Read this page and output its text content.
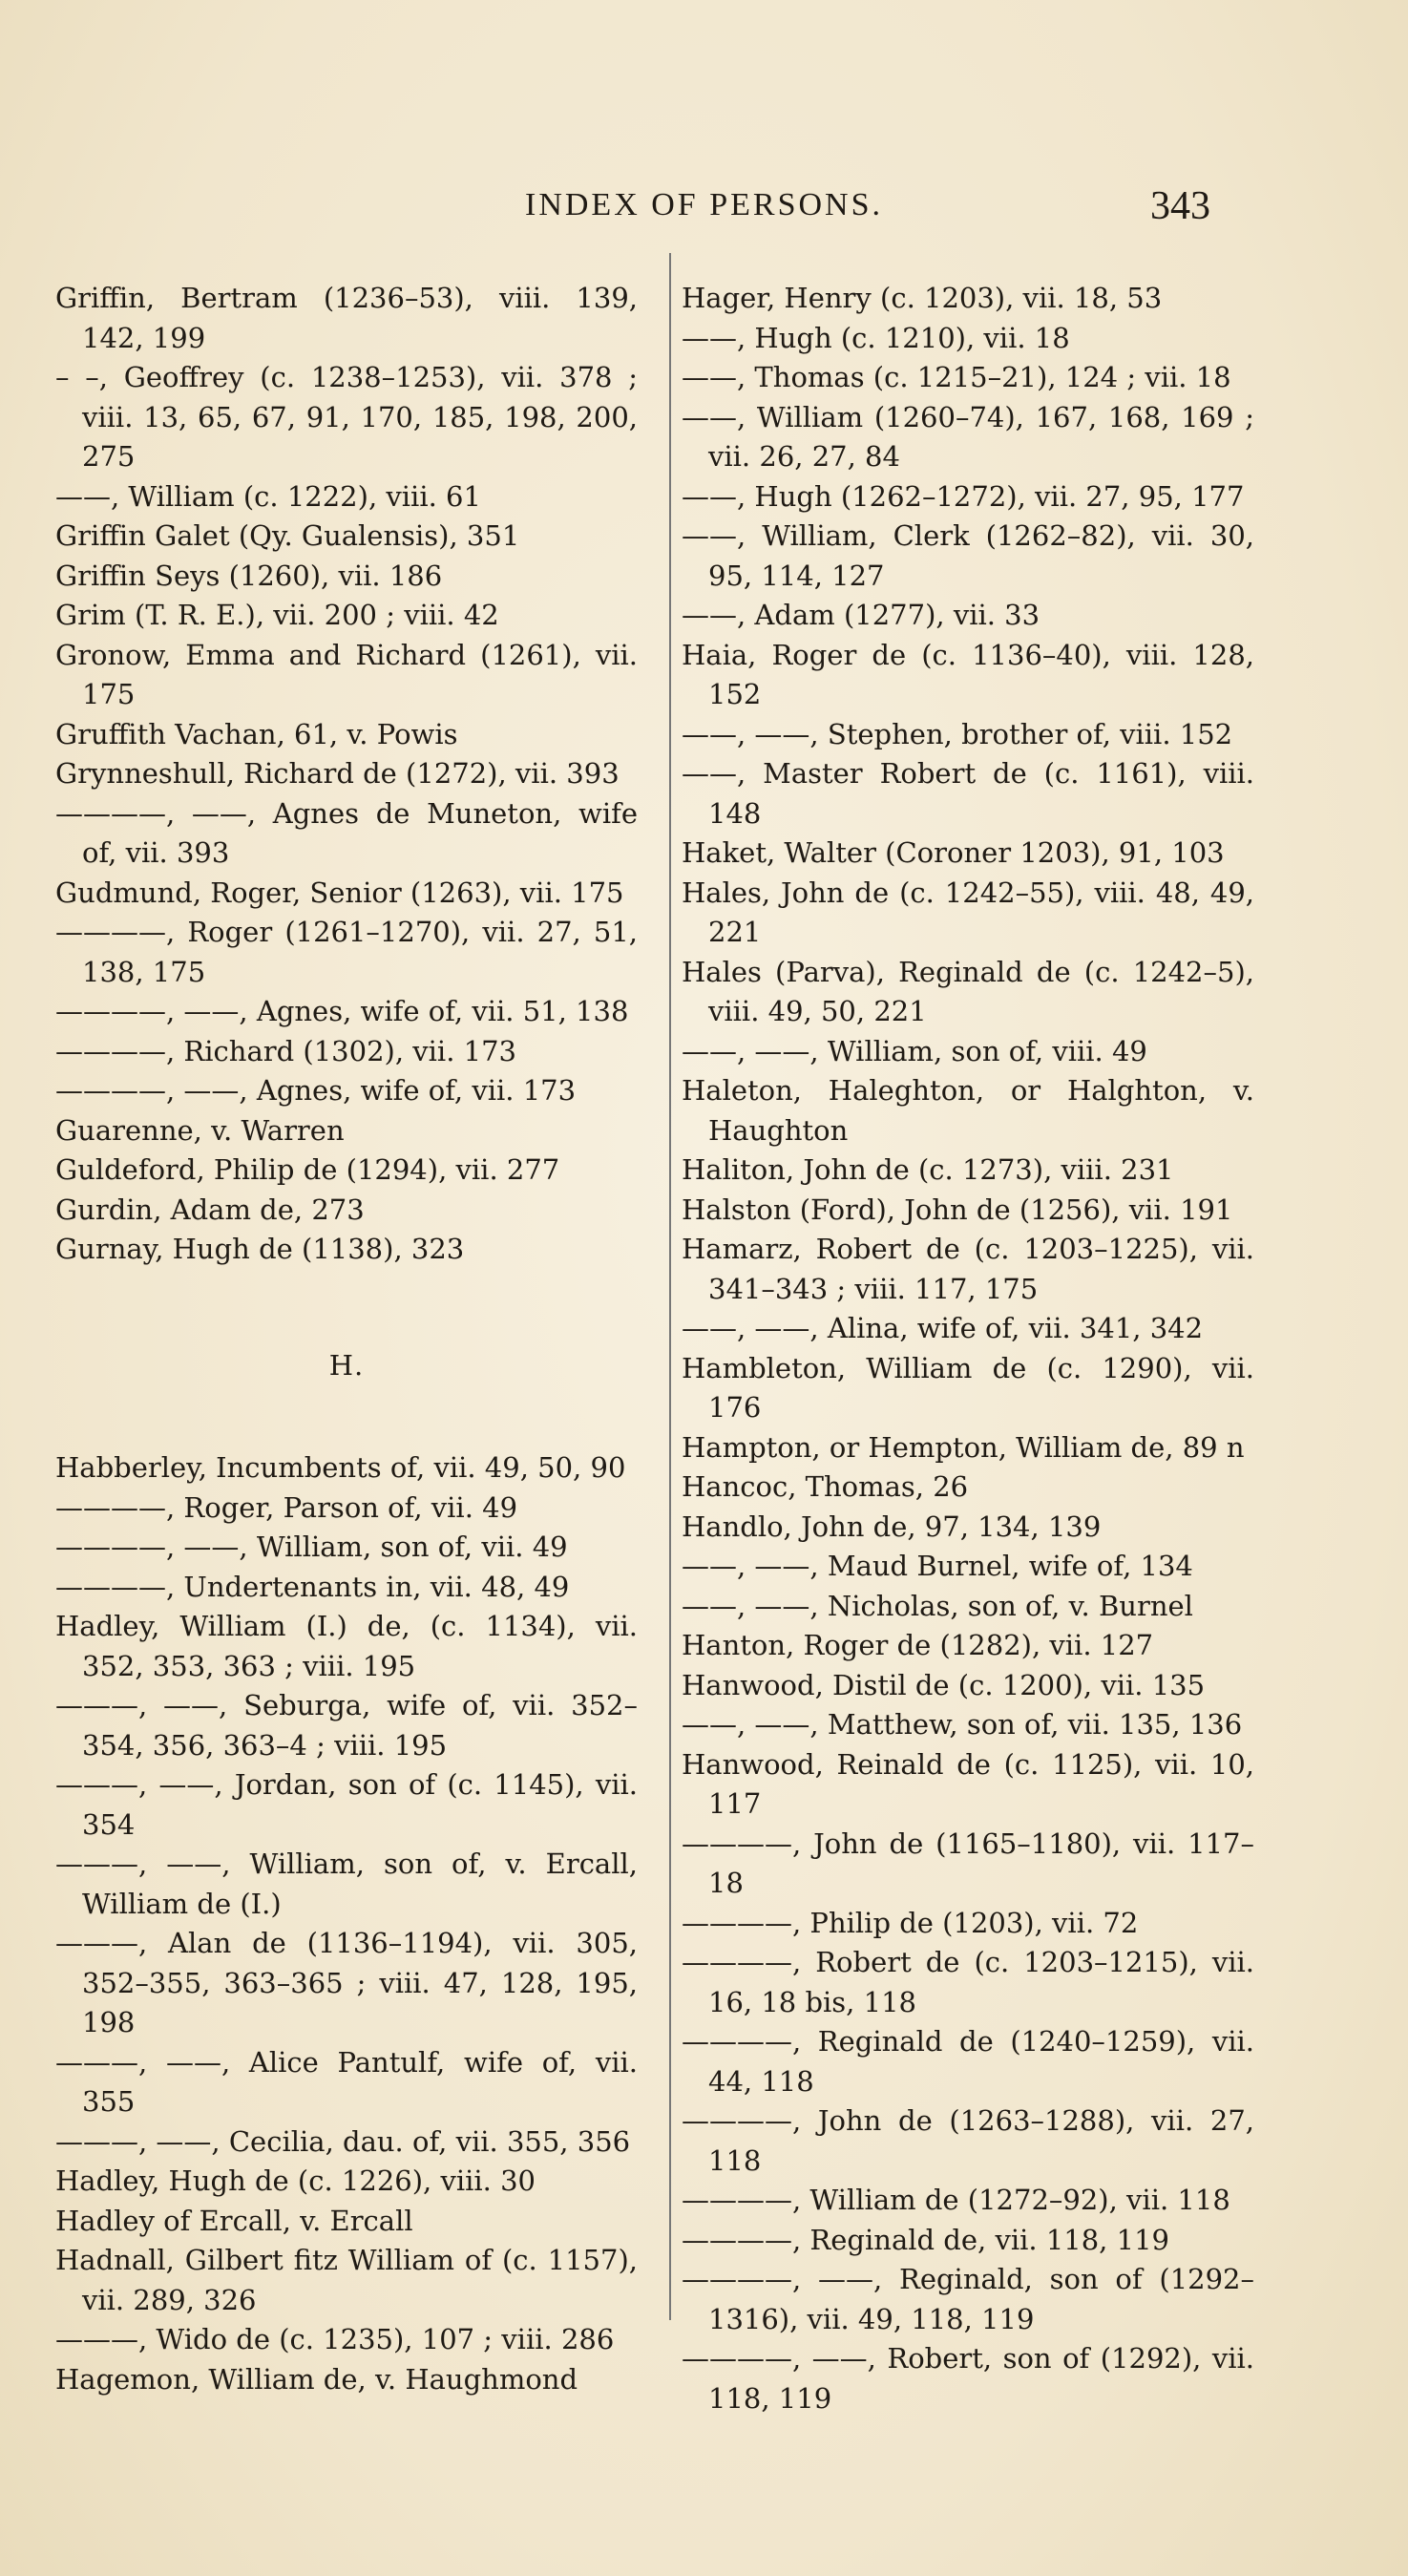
INDEX OF PERSONS.	343

Griffin, Bertram (1236–53), viii. 139, 142, 199

– –, Geoffrey (c. 1238–1253), vii. 378 ; viii. 13, 65, 67, 91, 170, 185, 198, 200, 275

——, William (c. 1222), viii. 61

Griffin Galet (Qy. Gualensis), 351

Griffin Seys (1260), vii. 186

Grim (T. R. E.), vii. 200 ; viii. 42

Gronow, Emma and Richard (1261), vii. 175

Gruffith Vachan, 61, v. Powis

Grynneshull, Richard de (1272), vii. 393

————, ——, Agnes de Muneton, wife of, vii. 393

Gudmund, Roger, Senior (1263), vii. 175

————, Roger (1261–1270), vii. 27, 51, 138, 175

————, ——, Agnes, wife of, vii. 51, 138

————, Richard (1302), vii. 173

————, ——, Agnes, wife of, vii. 173

Guarenne, v. Warren

Guldeford, Philip de (1294), vii. 277

Gurdin, Adam de, 273

Gurnay, Hugh de (1138), 323

H.

Habberley, Incumbents of, vii. 49, 50, 90

————, Roger, Parson of, vii. 49

————, ——, William, son of, vii. 49

————, Undertenants in, vii. 48, 49

Hadley, William (I.) de, (c. 1134), vii. 352, 353, 363 ; viii. 195

———, ——, Seburga, wife of, vii. 352–354, 356, 363–4 ; viii. 195

———, ——, Jordan, son of (c. 1145), vii. 354

———, ——, William, son of, v. Ercall, William de (I.)

———, Alan de (1136–1194), vii. 305, 352–355, 363–365 ; viii. 47, 128, 195, 198

———, ——, Alice Pantulf, wife of, vii. 355

———, ——, Cecilia, dau. of, vii. 355, 356

Hadley, Hugh de (c. 1226), viii. 30

Hadley of Ercall, v. Ercall

Hadnall, Gilbert fitz William of (c. 1157), vii. 289, 326

———, Wido de (c. 1235), 107 ; viii. 286

Hagemon, William de, v. Haughmond

Hager, Henry (c. 1203), vii. 18, 53

——, Hugh (c. 1210), vii. 18

——, Thomas (c. 1215–21), 124 ; vii. 18

——, William (1260–74), 167, 168, 169 ; vii. 26, 27, 84

——, Hugh (1262–1272), vii. 27, 95, 177

——, William, Clerk (1262–82), vii. 30, 95, 114, 127

——, Adam (1277), vii. 33

Haia, Roger de (c. 1136–40), viii. 128, 152

——, ——, Stephen, brother of, viii. 152

——, Master Robert de (c. 1161), viii. 148

Haket, Walter (Coroner 1203), 91, 103

Hales, John de (c. 1242–55), viii. 48, 49, 221

Hales (Parva), Reginald de (c. 1242–5), viii. 49, 50, 221

——, ——, William, son of, viii. 49

Haleton, Haleghton, or Halghton, v. Haughton

Haliton, John de (c. 1273), viii. 231

Halston (Ford), John de (1256), vii. 191

Hamarz, Robert de (c. 1203–1225), vii. 341–343 ; viii. 117, 175

——, ——, Alina, wife of, vii. 341, 342

Hambleton, William de (c. 1290), vii. 176

Hampton, or Hempton, William de, 89 n

Hancoc, Thomas, 26

Handlo, John de, 97, 134, 139

——, ——, Maud Burnel, wife of, 134

——, ——, Nicholas, son of, v. Burnel

Hanton, Roger de (1282), vii. 127

Hanwood, Distil de (c. 1200), vii. 135

——, ——, Matthew, son of, vii. 135, 136

Hanwood, Reinald de (c. 1125), vii. 10, 117

————, John de (1165–1180), vii. 117–18

————, Philip de (1203), vii. 72

————, Robert de (c. 1203–1215), vii. 16, 18 bis, 118

————, Reginald de (1240–1259), vii. 44, 118

————, John de (1263–1288), vii. 27, 118

————, William de (1272–92), vii. 118

————, Reginald de, vii. 118, 119

————, ——, Reginald, son of (1292–1316), vii. 49, 118, 119

————, ——, Robert, son of (1292), vii. 118, 119
